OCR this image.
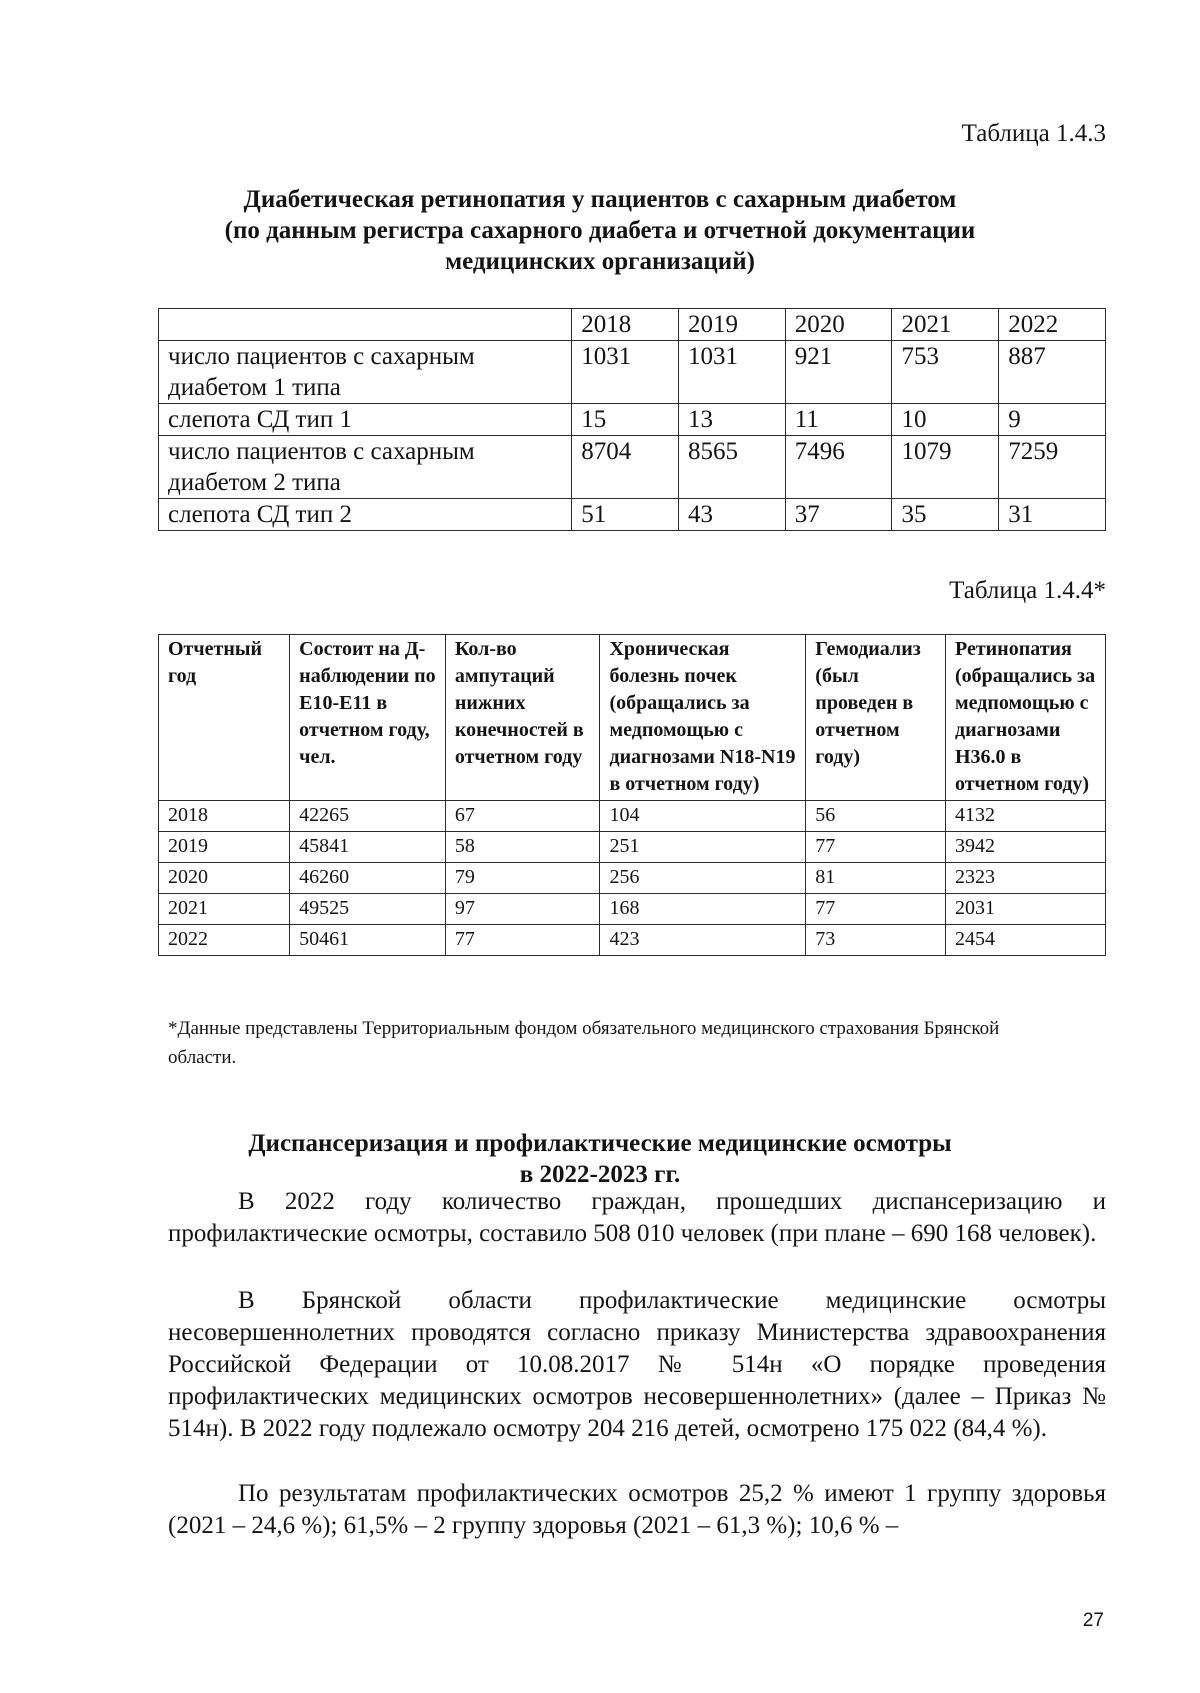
Таблица 1.4.3
Диабетическая ретинопатия у пациентов с сахарным диабетом
(по данным регистра сахарного диабета и отчетной документации
медицинских организаций)
	2018	2019	2020	2021	2022
число пациентов с сахарным диабетом 1 типа	1031	1031	921	753	887
слепота СД тип 1	15	13	11	10	9
число пациентов с сахарным диабетом 2 типа	8704	8565	7496	1079	7259
слепота СД тип 2	51	43	37	35	31
Таблица 1.4.4*
Отчетный год	Состоит на Д-наблюдении по Е10-Е11 в отчетном году, чел.	Кол-во ампутаций нижних конечностей в отчетном году	Хроническая болезнь почек (обращались за медпомощью с диагнозами N18-N19 в отчетном году)	Гемодиализ (был проведен в отчетном году)	Ретинопатия (обращались за медпомощью с диагнозами Н36.0 в отчетном году)
2018	42265	67	104	56	4132
2019	45841	58	251	77	3942
2020	46260	79	256	81	2323
2021	49525	97	168	77	2031
2022	50461	77	423	73	2454
*Данные представлены Территориальным фондом обязательного медицинского страхования Брянской области.
Диспансеризация и профилактические медицинские осмотры
в 2022-2023 гг.
В 2022 году количество граждан, прошедших диспансеризацию и профилактические осмотры, составило 508 010 человек (при плане – 690 168 человек).
В Брянской области профилактические медицинские осмотры несовершеннолетних проводятся согласно приказу Министерства здравоохранения Российской Федерации от 10.08.2017 № 514н «О порядке проведения профилактических медицинских осмотров несовершеннолетних» (далее – Приказ № 514н). В 2022 году подлежало осмотру 204 216 детей, осмотрено 175 022 (84,4 %).
По результатам профилактических осмотров 25,2 % имеют 1 группу здоровья (2021 – 24,6 %); 61,5% – 2 группу здоровья (2021 – 61,3 %); 10,6 % –
27
